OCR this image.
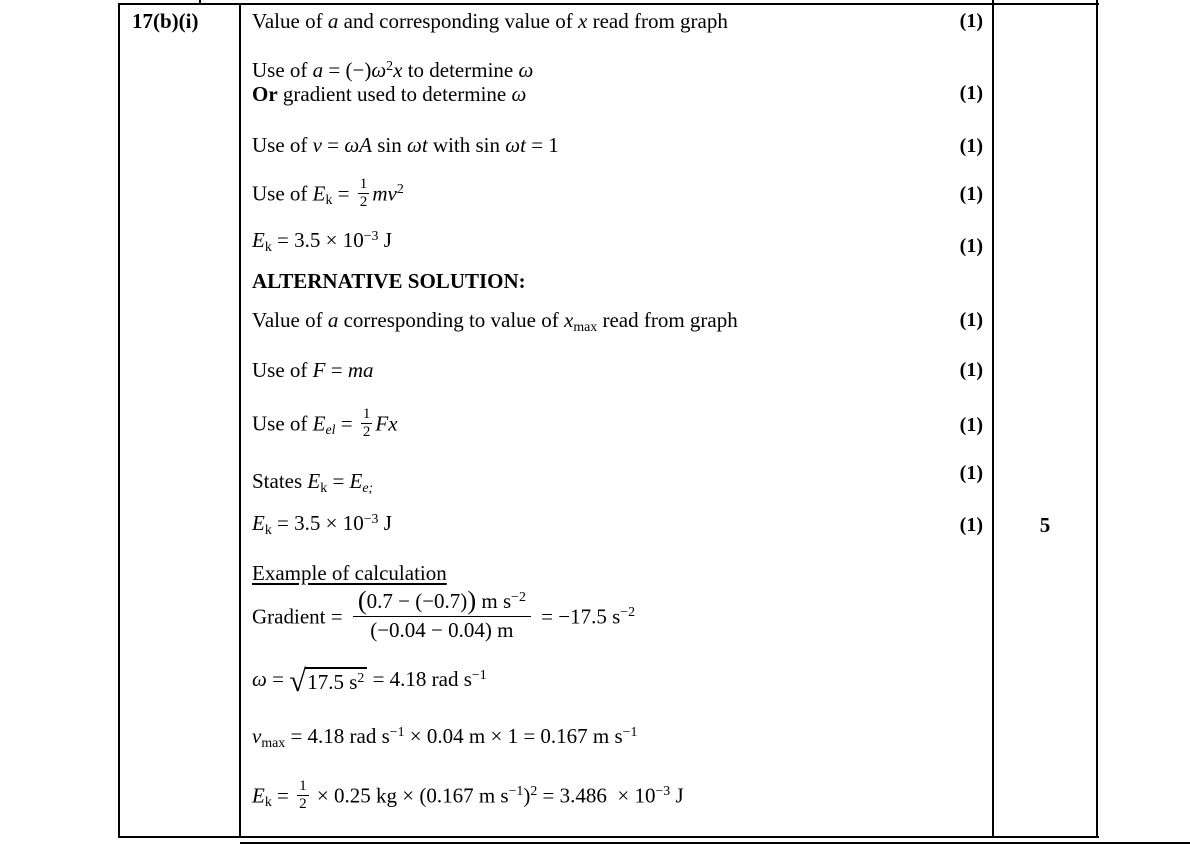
17(b)(i)	Value of a and corresponding value of x read from graph
Use of $a = (-)\omega^2x$ to determine ω
Or gradient used to determine ω
Use of v = ωA sin ωt with sin ωt = 1
Use of $Ek = \frac{1}{2} mv^2$
$Ek = 3.5 \times 10^{-3}$ J
ALTERNATIVE SOLUTION:
Value of a corresponding to value of xmax read from graph
Use of F = ma
Use of Eel = $\frac{1}{2}$ Fx
States Ek = Ee;
$Ek = 3.5 \times 10^{-3}$ J
Example of calculation
Gradient = $\frac{(0.7 - (-0.7)) m s^{-2}}{(-0.04 - 0.04) m} = -17.5$ $s^{-2}$
ω = √ 17.5 $s^2 = 4.18$ rad $s^{-1}$
vmax = 4.18 rad $s^{-1} \times 0.04$ m × 1 = 0.167 m $s^{-1}$
$Ek = \frac{1}{2} \times 0.25$ kg × (0.167 m $s^{-1})^2 = 3.486 \times 10^{-3}$ J
(1)
(1)
(1)
(1)
(1)
(1)
(1)
(1)
(1)
(1)	5
